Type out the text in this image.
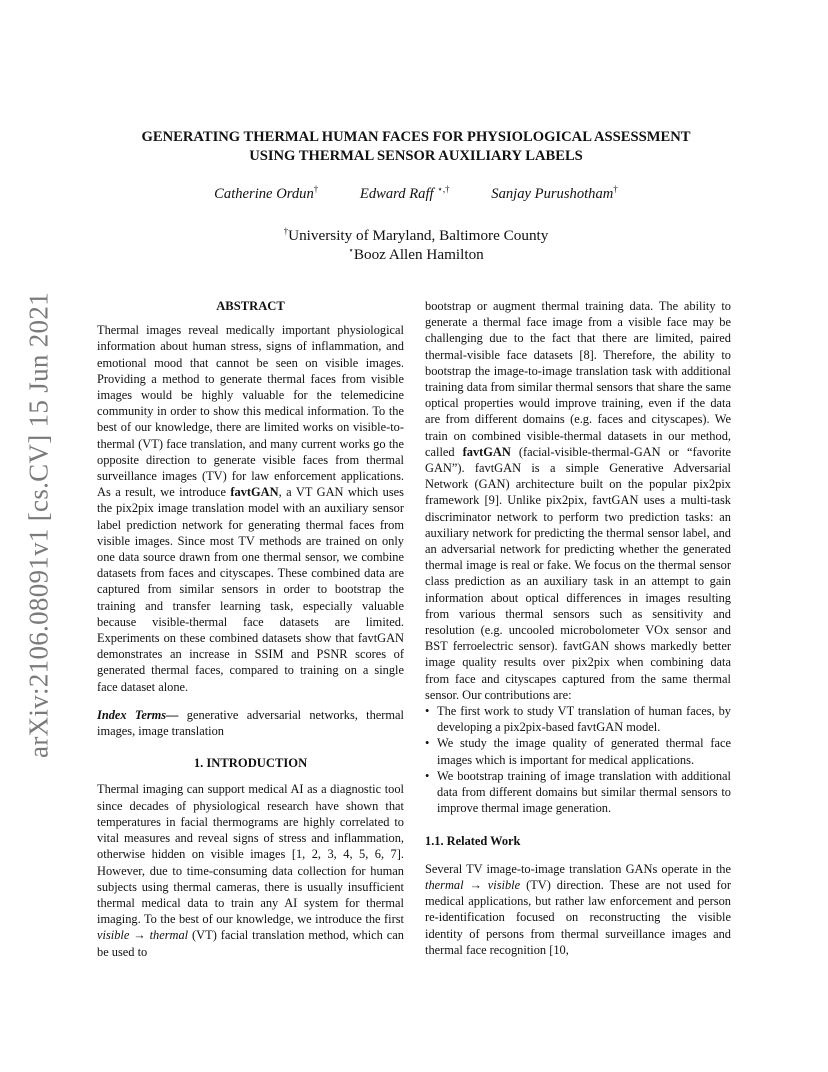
arXiv:2106.08091v1 [cs.CV] 15 Jun 2021
GENERATING THERMAL HUMAN FACES FOR PHYSIOLOGICAL ASSESSMENT
USING THERMAL SENSOR AUXILIARY LABELS
Catherine Ordun†	Edward Raff ⋆,†	Sanjay Purushotham†
†University of Maryland, Baltimore County
⋆Booz Allen Hamilton

ABSTRACT

Thermal images reveal medically important physiological information about human stress, signs of inflammation, and emotional mood that cannot be seen on visible images. Providing a method to generate thermal faces from visible images would be highly valuable for the telemedicine community in order to show this medical information. To the best of our knowledge, there are limited works on visible-to-thermal (VT) face translation, and many current works go the opposite direction to generate visible faces from thermal surveillance images (TV) for law enforcement applications. As a result, we introduce favtGAN, a VT GAN which uses the pix2pix image translation model with an auxiliary sensor label prediction network for generating thermal faces from visible images. Since most TV methods are trained on only one data source drawn from one thermal sensor, we combine datasets from faces and cityscapes. These combined data are captured from similar sensors in order to bootstrap the training and transfer learning task, especially valuable because visible-thermal face datasets are limited. Experiments on these combined datasets show that favtGAN demonstrates an increase in SSIM and PSNR scores of generated thermal faces, compared to training on a single face dataset alone.

Index Terms— generative adversarial networks, thermal images, image translation

1. INTRODUCTION

Thermal imaging can support medical AI as a diagnostic tool since decades of physiological research have shown that temperatures in facial thermograms are highly correlated to vital measures and reveal signs of stress and inflammation, otherwise hidden on visible images [1, 2, 3, 4, 5, 6, 7]. However, due to time-consuming data collection for human subjects using thermal cameras, there is usually insufficient thermal medical data to train any AI system for thermal imaging. To the best of our knowledge, we introduce the first visible → thermal (VT) facial translation method, which can be used to

bootstrap or augment thermal training data. The ability to generate a thermal face image from a visible face may be challenging due to the fact that there are limited, paired thermal-visible face datasets [8]. Therefore, the ability to bootstrap the image-to-image translation task with additional training data from similar thermal sensors that share the same optical properties would improve training, even if the data are from different domains (e.g. faces and cityscapes). We train on combined visible-thermal datasets in our method, called favtGAN (facial-visible-thermal-GAN or “favorite GAN”). favtGAN is a simple Generative Adversarial Network (GAN) architecture built on the popular pix2pix framework [9]. Unlike pix2pix, favtGAN uses a multi-task discriminator network to perform two prediction tasks: an auxiliary network for predicting the thermal sensor label, and an adversarial network for predicting whether the generated thermal image is real or fake. We focus on the thermal sensor class prediction as an auxiliary task in an attempt to gain information about optical differences in images resulting from various thermal sensors such as sensitivity and resolution (e.g. uncooled microbolometer VOx sensor and BST ferroelectric sensor). favtGAN shows markedly better image quality results over pix2pix when combining data from face and cityscapes captured from the same thermal sensor. Our contributions are:

• The first work to study VT translation of human faces, by developing a pix2pix-based favtGAN model.
• We study the image quality of generated thermal face images which is important for medical applications.
• We bootstrap training of image translation with additional data from different domains but similar thermal sensors to improve thermal image generation.

1.1. Related Work

Several TV image-to-image translation GANs operate in the thermal → visible (TV) direction. These are not used for medical applications, but rather law enforcement and person re-identification focused on reconstructing the visible identity of persons from thermal surveillance images and thermal face recognition [10,
